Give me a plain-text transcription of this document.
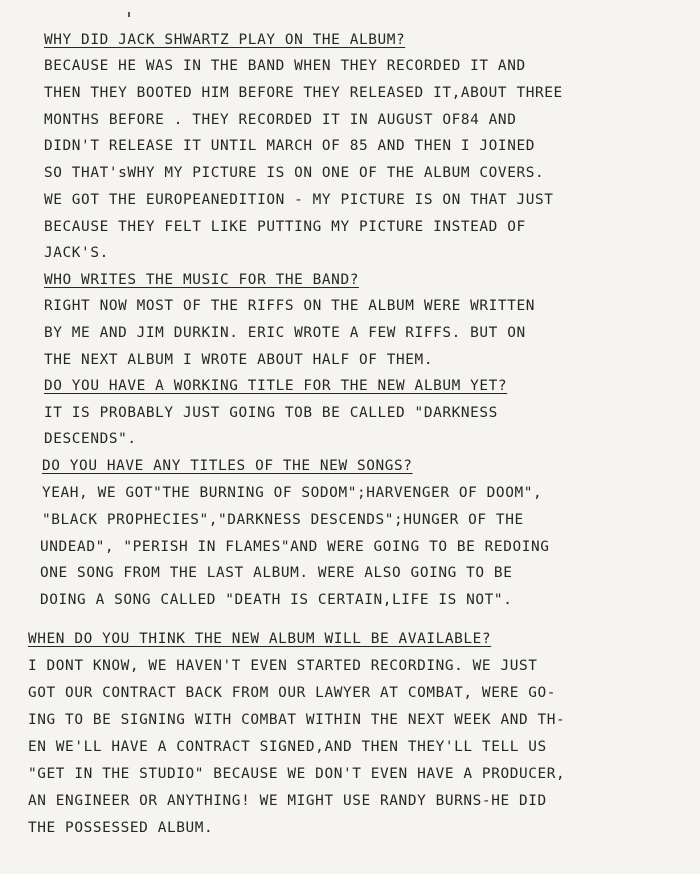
WHY DID JACK SHWARTZ PLAY ON THE ALBUM?

BECAUSE HE WAS IN THE BAND WHEN THEY RECORDED IT AND

THEN THEY BOOTED HIM BEFORE THEY RELEASED IT,ABOUT THREE

MONTHS BEFORE . THEY RECORDED IT IN AUGUST OF84 AND

DIDN'T RELEASE IT UNTIL MARCH OF 85 AND THEN I JOINED

SO THAT'sWHY MY PICTURE IS ON ONE OF THE ALBUM COVERS.

WE GOT THE EUROPEANEDITION - MY PICTURE IS ON THAT JUST

BECAUSE THEY FELT LIKE PUTTING MY PICTURE INSTEAD OF

JACK'S.

WHO WRITES THE MUSIC FOR THE BAND?

RIGHT NOW MOST OF THE RIFFS ON THE ALBUM WERE WRITTEN

BY ME AND JIM DURKIN. ERIC WROTE A FEW RIFFS. BUT ON

THE NEXT ALBUM I WROTE ABOUT HALF OF THEM.

DO YOU HAVE A WORKING TITLE FOR THE NEW ALBUM YET?

IT IS PROBABLY JUST GOING TOB BE CALLED "DARKNESS

DESCENDS".

DO YOU HAVE ANY TITLES OF THE NEW SONGS?

YEAH, WE GOT"THE BURNING OF SODOM";HARVENGER OF DOOM",

"BLACK PROPHECIES","DARKNESS DESCENDS";HUNGER OF THE

UNDEAD", "PERISH IN FLAMES"AND WERE GOING TO BE REDOING

ONE SONG FROM THE LAST ALBUM. WERE ALSO GOING TO BE

DOING A SONG CALLED "DEATH IS CERTAIN,LIFE IS NOT".

WHEN DO YOU THINK THE NEW ALBUM WILL BE AVAILABLE?

I DONT KNOW, WE HAVEN'T EVEN STARTED RECORDING. WE JUST

GOT OUR CONTRACT BACK FROM OUR LAWYER AT COMBAT, WERE GO-

ING TO BE SIGNING WITH COMBAT WITHIN THE NEXT WEEK AND TH-

EN WE'LL HAVE A CONTRACT SIGNED,AND THEN THEY'LL TELL US

"GET IN THE STUDIO" BECAUSE WE DON'T EVEN HAVE A PRODUCER,

AN ENGINEER OR ANYTHING! WE MIGHT USE RANDY BURNS-HE DID

THE POSSESSED ALBUM.
